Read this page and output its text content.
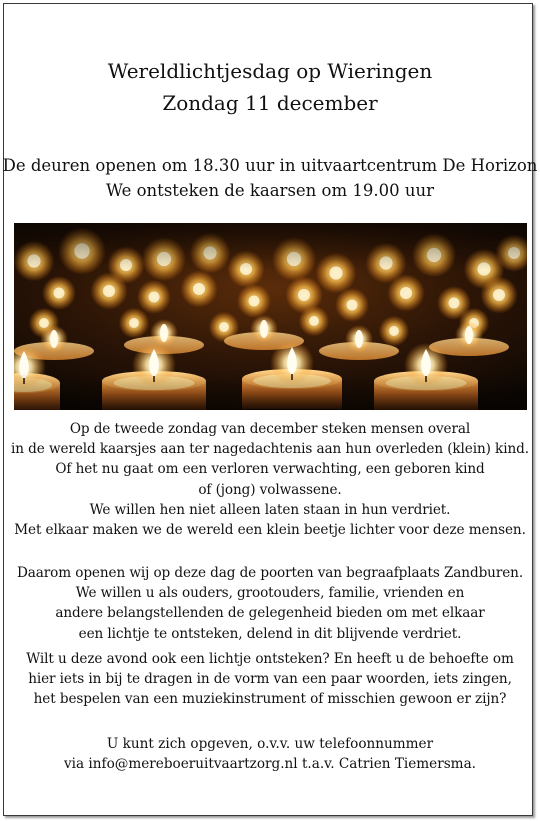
Wereldlichtjesdag op Wieringen
Zondag 11 december
De deuren openen om 18.30 uur in uitvaartcentrum De Horizon
We ontsteken de kaarsen om 19.00 uur
Op de tweede zondag van december steken mensen overal
in de wereld kaarsjes aan ter nagedachtenis aan hun overleden (klein) kind.
Of het nu gaat om een verloren verwachting, een geboren kind
of (jong) volwassene.
We willen hen niet alleen laten staan in hun verdriet.
Met elkaar maken we de wereld een klein beetje lichter voor deze mensen.
Daarom openen wij op deze dag de poorten van begraafplaats Zandburen.
We willen u als ouders, grootouders, familie, vrienden en
andere belangstellenden de gelegenheid bieden om met elkaar
een lichtje te ontsteken, delend in dit blijvende verdriet.
Wilt u deze avond ook een lichtje ontsteken? En heeft u de behoefte om
hier iets in bij te dragen in de vorm van een paar woorden, iets zingen,
het bespelen van een muziekinstrument of misschien gewoon er zijn?
U kunt zich opgeven, o.v.v. uw telefoonnummer
via info@mereboeruitvaartzorg.nl t.a.v. Catrien Tiemersma.
